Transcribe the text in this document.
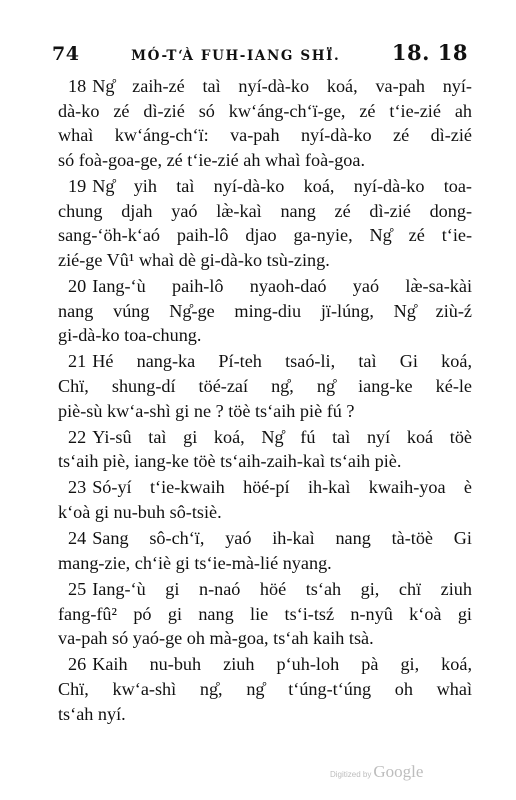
74	MÓ-T‘À FUH-IANG SHÏ. 18. 18
18 Ng̊ zaih-zé taì nyí-dà-ko koá, va-pah nyí-
dà-ko zé dì-zié só kw‘áng-ch‘ï-ge, zé t‘ie-zié ah
whaì kw‘áng-ch‘ï: va-pah nyí-dà-ko zé dì-zié
só foà-goa-ge, zé t‘ie-zié ah whaì foà-goa.
19 Ng̊ yih taì nyí-dà-ko koá, nyí-dà-ko toa-
chung djah yaó læ̀-kaì nang zé dì-zié dong-
sang-‘öh-k‘aó paih-lô djao ga-nyie, Ng̊ zé t‘ie-
zié-ge Vû¹ whaì dè gi-dà-ko tsù-zing.
20 Iang-‘ù paih-lô nyaoh-daó yaó læ̀-sa-kài
nang vúng Ng̊-ge ming-diu jï-lúng, Ng̊ ziù-ź
gi-dà-ko toa-chung.
21 Hé nang-ka Pí-teh tsaó-li, taì Gi koá,
Chï, shung-dí töé-zaí ng̊, ng̊ iang-ke ké-le
piè-sù kw‘a-shì gi ne ? töè ts‘aih piè fú ?
22 Yi-sû taì gi koá, Ng̊ fú taì nyí koá töè
ts‘aih piè, iang-ke töè ts‘aih-zaih-kaì ts‘aih piè.
23 Só-yí t‘ie-kwaih höé-pí ih-kaì kwaih-yoa è
k‘oà gi nu-buh sô-tsiè.
24 Sang sô-ch‘ï, yaó ih-kaì nang tà-töè Gi
mang-zie, ch‘iè gi ts‘ie-mà-lié nyang.
25 Iang-‘ù gi n-naó höé ts‘ah gi, chï ziuh
fang-fû² pó gi nang lie ts‘i-tsź n-nyû k‘oà gi
va-pah só yaó-ge oh mà-goa, ts‘ah kaih tsà.
26 Kaih nu-buh ziuh p‘uh-loh pà gi, koá,
Chï, kw‘a-shì ng̊, ng̊ t‘úng-t‘úng oh whaì
ts‘ah nyí.
Digitized by Google
